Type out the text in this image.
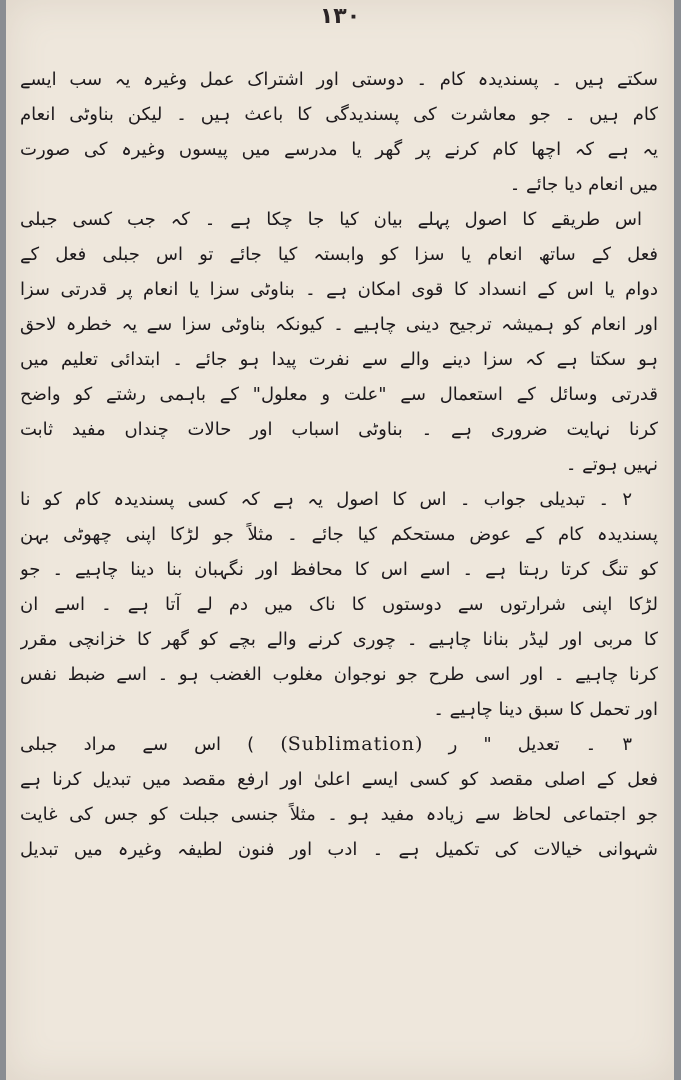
۱۳۰
سکتے ہیں ۔ پسندیدہ کام ۔ دوستی اور اشتراک عمل وغیرہ یہ سب ایسے
کام ہیں ۔ جو معاشرت کی پسندیدگی کا باعث ہیں ۔ لیکن بناوٹی انعام
یہ ہے کہ اچھا کام کرنے پر گھر یا مدرسے میں پیسوں وغیرہ کی صورت
میں انعام دیا جائے ۔
اس طریقے کا اصول پہلے بیان کیا جا چکا ہے ۔ کہ جب کسی جبلی
فعل کے ساتھ انعام یا سزا کو وابستہ کیا جائے تو اس جبلی فعل کے
دوام یا اس کے انسداد کا قوی امکان ہے ۔ بناوٹی سزا یا انعام پر قدرتی سزا
اور انعام کو ہمیشہ ترجیح دینی چاہیے ۔ کیونکہ بناوٹی سزا سے یہ خطرہ لاحق
ہو سکتا ہے کہ سزا دینے والے سے نفرت پیدا ہو جائے ۔ ابتدائی تعلیم میں
قدرتی وسائل کے استعمال سے "علت و معلول" کے باہمی رشتے کو واضح
کرنا نہایت ضروری ہے ۔ بناوٹی اسباب اور حالات چنداں مفید ثابت
نہیں ہوتے ۔
۲ ۔ تبدیلی جواب ۔ اس کا اصول یہ ہے کہ کسی پسندیدہ کام کو نا
پسندیدہ کام کے عوض مستحکم کیا جائے ۔ مثلاً جو لڑکا اپنی چھوٹی بہن
کو تنگ کرتا رہتا ہے ۔ اسے اس کا محافظ اور نگہبان بنا دینا چاہیے ۔ جو
لڑکا اپنی شرارتوں سے دوستوں کا ناک میں دم لے آتا ہے ۔ اسے ان
کا مربی اور لیڈر بنانا چاہیے ۔ چوری کرنے والے بچے کو گھر کا خزانچی مقرر
کرنا چاہیے ۔ اور اسی طرح جو نوجوان مغلوب الغضب ہو ۔ اسے ضبط نفس
اور تحمل کا سبق دینا چاہیے ۔
۳ ۔ تعدیل " ر (Sublimation) ) اس سے مراد جبلی
فعل کے اصلی مقصد کو کسی ایسے اعلیٰ اور ارفع مقصد میں تبدیل کرنا ہے
جو اجتماعی لحاظ سے زیادہ مفید ہو ۔ مثلاً جنسی جبلت کو جس کی غایت
شہوانی خیالات کی تکمیل ہے ۔ ادب اور فنون لطیفہ وغیرہ میں تبدیل
